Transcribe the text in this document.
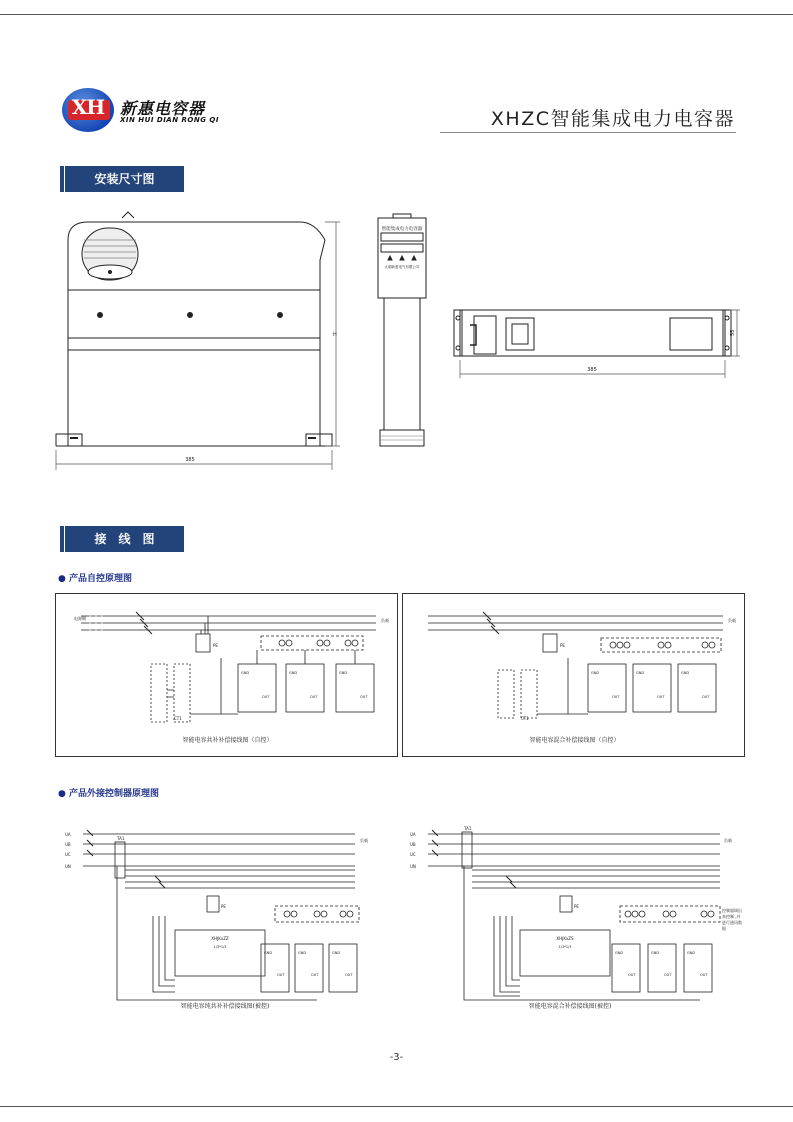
XH 新惠电容器
XIN HUI DIAN RONG QI	XHZC智能集成电力电容器
安装尺寸图
385
H
智能集成电力电容器
太湖新惠电气有限公司
385
55
接　线　图
● 产品自控原理图
电源侧	负载
PE
CT1
GND	GND	GND
OUT	OUT	OUT
智能电容共补补偿接线图（自控）
负载
PE
CT1
GND	GND	GND
OUT	OUT	OUT
智能电容混合补偿接线图（自控）
● 产品外接控制器原理图
UA
UB
UC
UN
TA1	负载
PE
XHJKxZZ
1/3*1/3
GND	GND	GND
OUT	OUT	OUT
智能电容纯共补补偿接线图(被控)
UA
UB
UC
UN
TA1
负载
PE
XHJKxZS
1/3*1/3
GND	GND	GND
OUT	OUT	OUT
控制器调出来控制 ,并进行通讯数据
智能电容混合补偿接线图(被控)
-3-
